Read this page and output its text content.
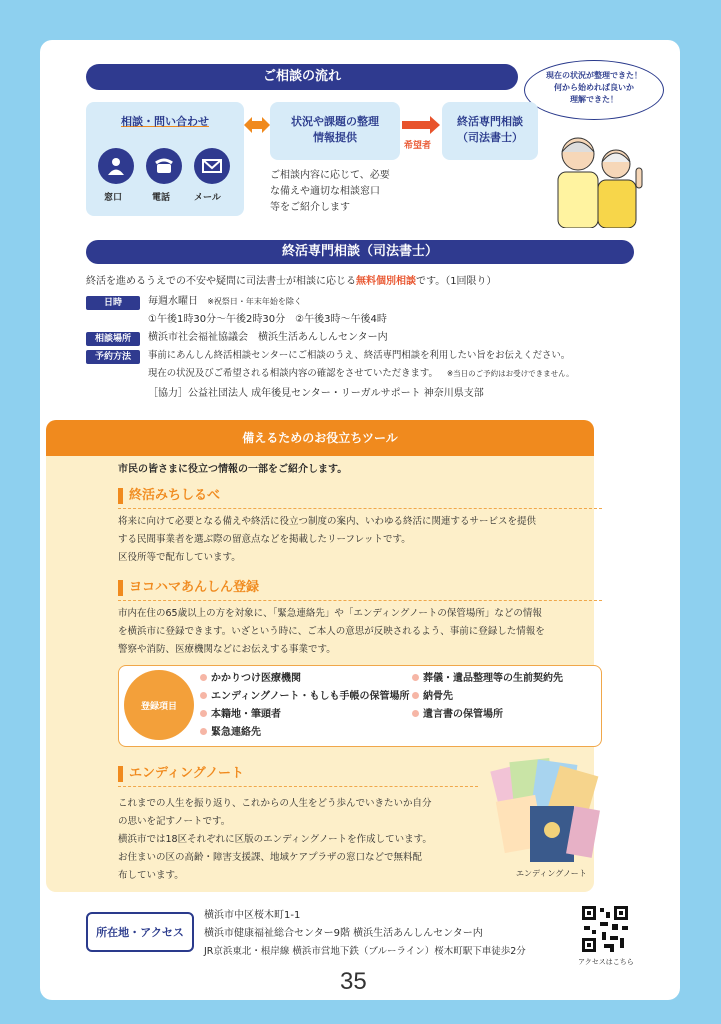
ご相談の流れ	現在の状況が整理できた！
何から始めれば良いか
理解できた！
相談・問い合わせ
窓口	電話	メール
状況や課題の整理
情報提供
ご相談内容に応じて、必要
な備えや適切な相談窓口
等をご紹介します
希望者
終活専門相談
（司法書士）
終活専門相談（司法書士）
終活を進めるうえでの不安や疑問に司法書士が相談に応じる無料個別相談です。（1回限り）
日時	毎週水曜日 ※祝祭日・年末年始を除く
①午後1時30分〜午後2時30分　②午後3時〜午後4時
相談場所	横浜市社会福祉協議会　横浜生活あんしんセンター内
予約方法	事前にあんしん終活相談センターにご相談のうえ、終活専門相談を利用したい旨をお伝えください。
現在の状況及びご希望される相談内容の確認をさせていただきます。 ※当日のご予約はお受けできません。
［協力］公益社団法人 成年後見センター・リーガルサポート 神奈川県支部
備えるためのお役立ちツール
市民の皆さまに役立つ情報の一部をご紹介します。
終活みちしるべ
将来に向けて必要となる備えや終活に役立つ制度の案内、いわゆる終活に関連するサービスを提供
する民間事業者を選ぶ際の留意点などを掲載したリーフレットです。
区役所等で配布しています。
ヨコハマあんしん登録
市内在住の65歳以上の方を対象に、「緊急連絡先」や「エンディングノートの保管場所」などの情報
を横浜市に登録できます。いざという時に、ご本人の意思が反映されるよう、事前に登録した情報を
警察や消防、医療機関などにお伝えする事業です。
登録項目
かかりつけ医療機関
エンディングノート・もしも手帳の保管場所
本籍地・筆頭者
緊急連絡先
葬儀・遺品整理等の生前契約先
納骨先
遺言書の保管場所
エンディングノート
これまでの人生を振り返り、これからの人生をどう歩んでいきたいか自分
の思いを記すノートです。
横浜市では18区それぞれに区版のエンディングノートを作成しています。
お住まいの区の高齢・障害支援課、地域ケアプラザの窓口などで無料配
布しています。	エンディングノート
所在地・アクセス
横浜市中区桜木町1-1
横浜市健康福祉総合センター9階 横浜生活あんしんセンター内
JR京浜東北・根岸線 横浜市営地下鉄（ブルーライン）桜木町駅下車徒歩2分
アクセスはこちら
35
